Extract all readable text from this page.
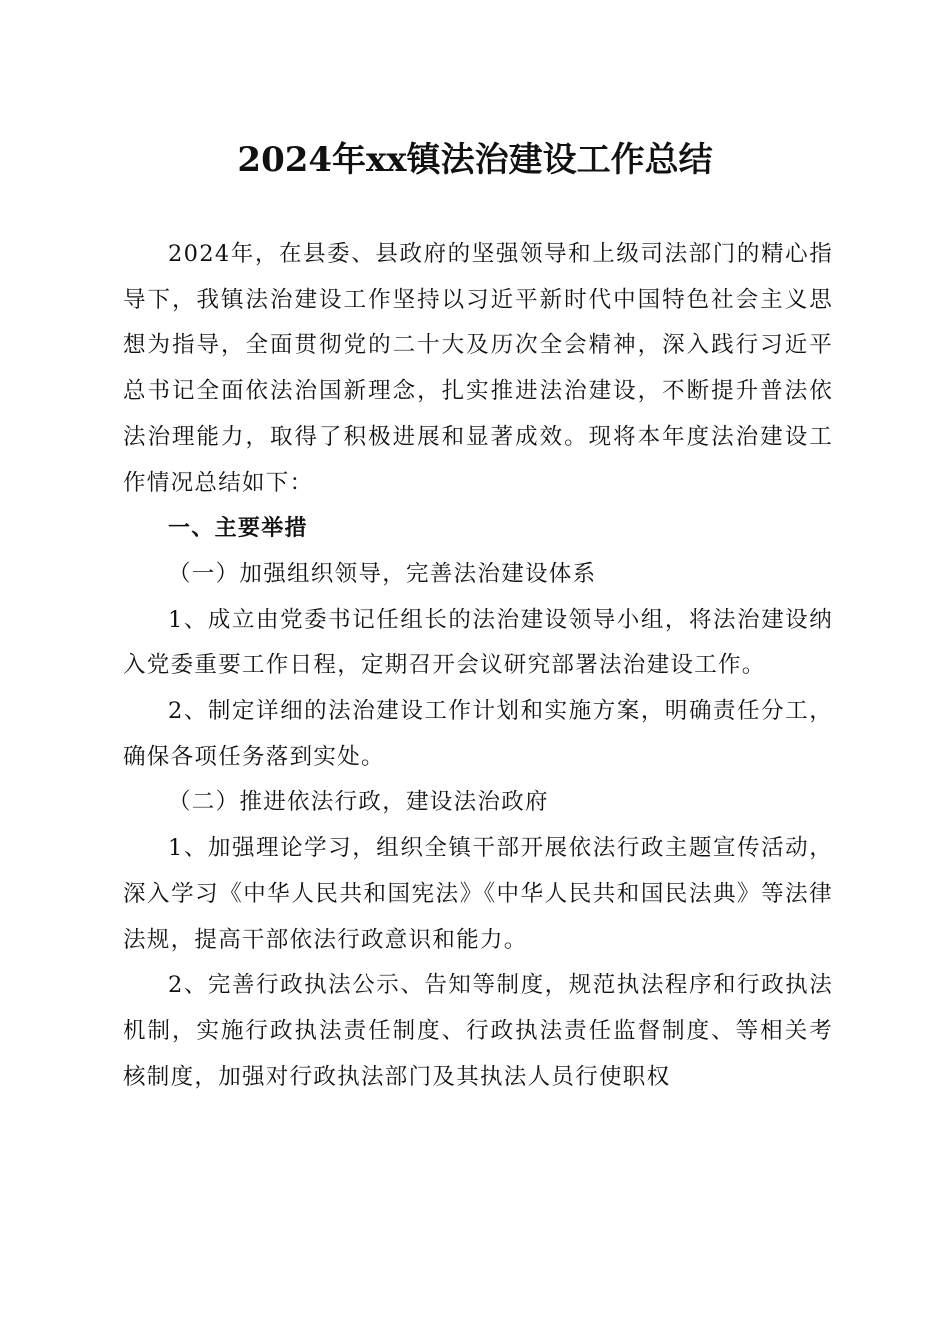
2024年xx镇法治建设工作总结

2024年，在县委、县政府的坚强领导和上级司法部门的精心指导下，我镇法治建设工作坚持以习近平新时代中国特色社会主义思想为指导，全面贯彻党的二十大及历次全会精神，深入践行习近平总书记全面依法治国新理念，扎实推进法治建设，不断提升普法依法治理能力，取得了积极进展和显著成效。现将本年度法治建设工作情况总结如下：

一、主要举措

（一）加强组织领导，完善法治建设体系

1、成立由党委书记任组长的法治建设领导小组，将法治建设纳入党委重要工作日程，定期召开会议研究部署法治建设工作。

2、制定详细的法治建设工作计划和实施方案，明确责任分工，确保各项任务落到实处。

（二）推进依法行政，建设法治政府

1、加强理论学习，组织全镇干部开展依法行政主题宣传活动，深入学习《中华人民共和国宪法》《中华人民共和国民法典》等法律法规，提高干部依法行政意识和能力。

2、完善行政执法公示、告知等制度，规范执法程序和行政执法机制，实施行政执法责任制度、行政执法责任监督制度、等相关考核制度，加强对行政执法部门及其执法人员行使职权
